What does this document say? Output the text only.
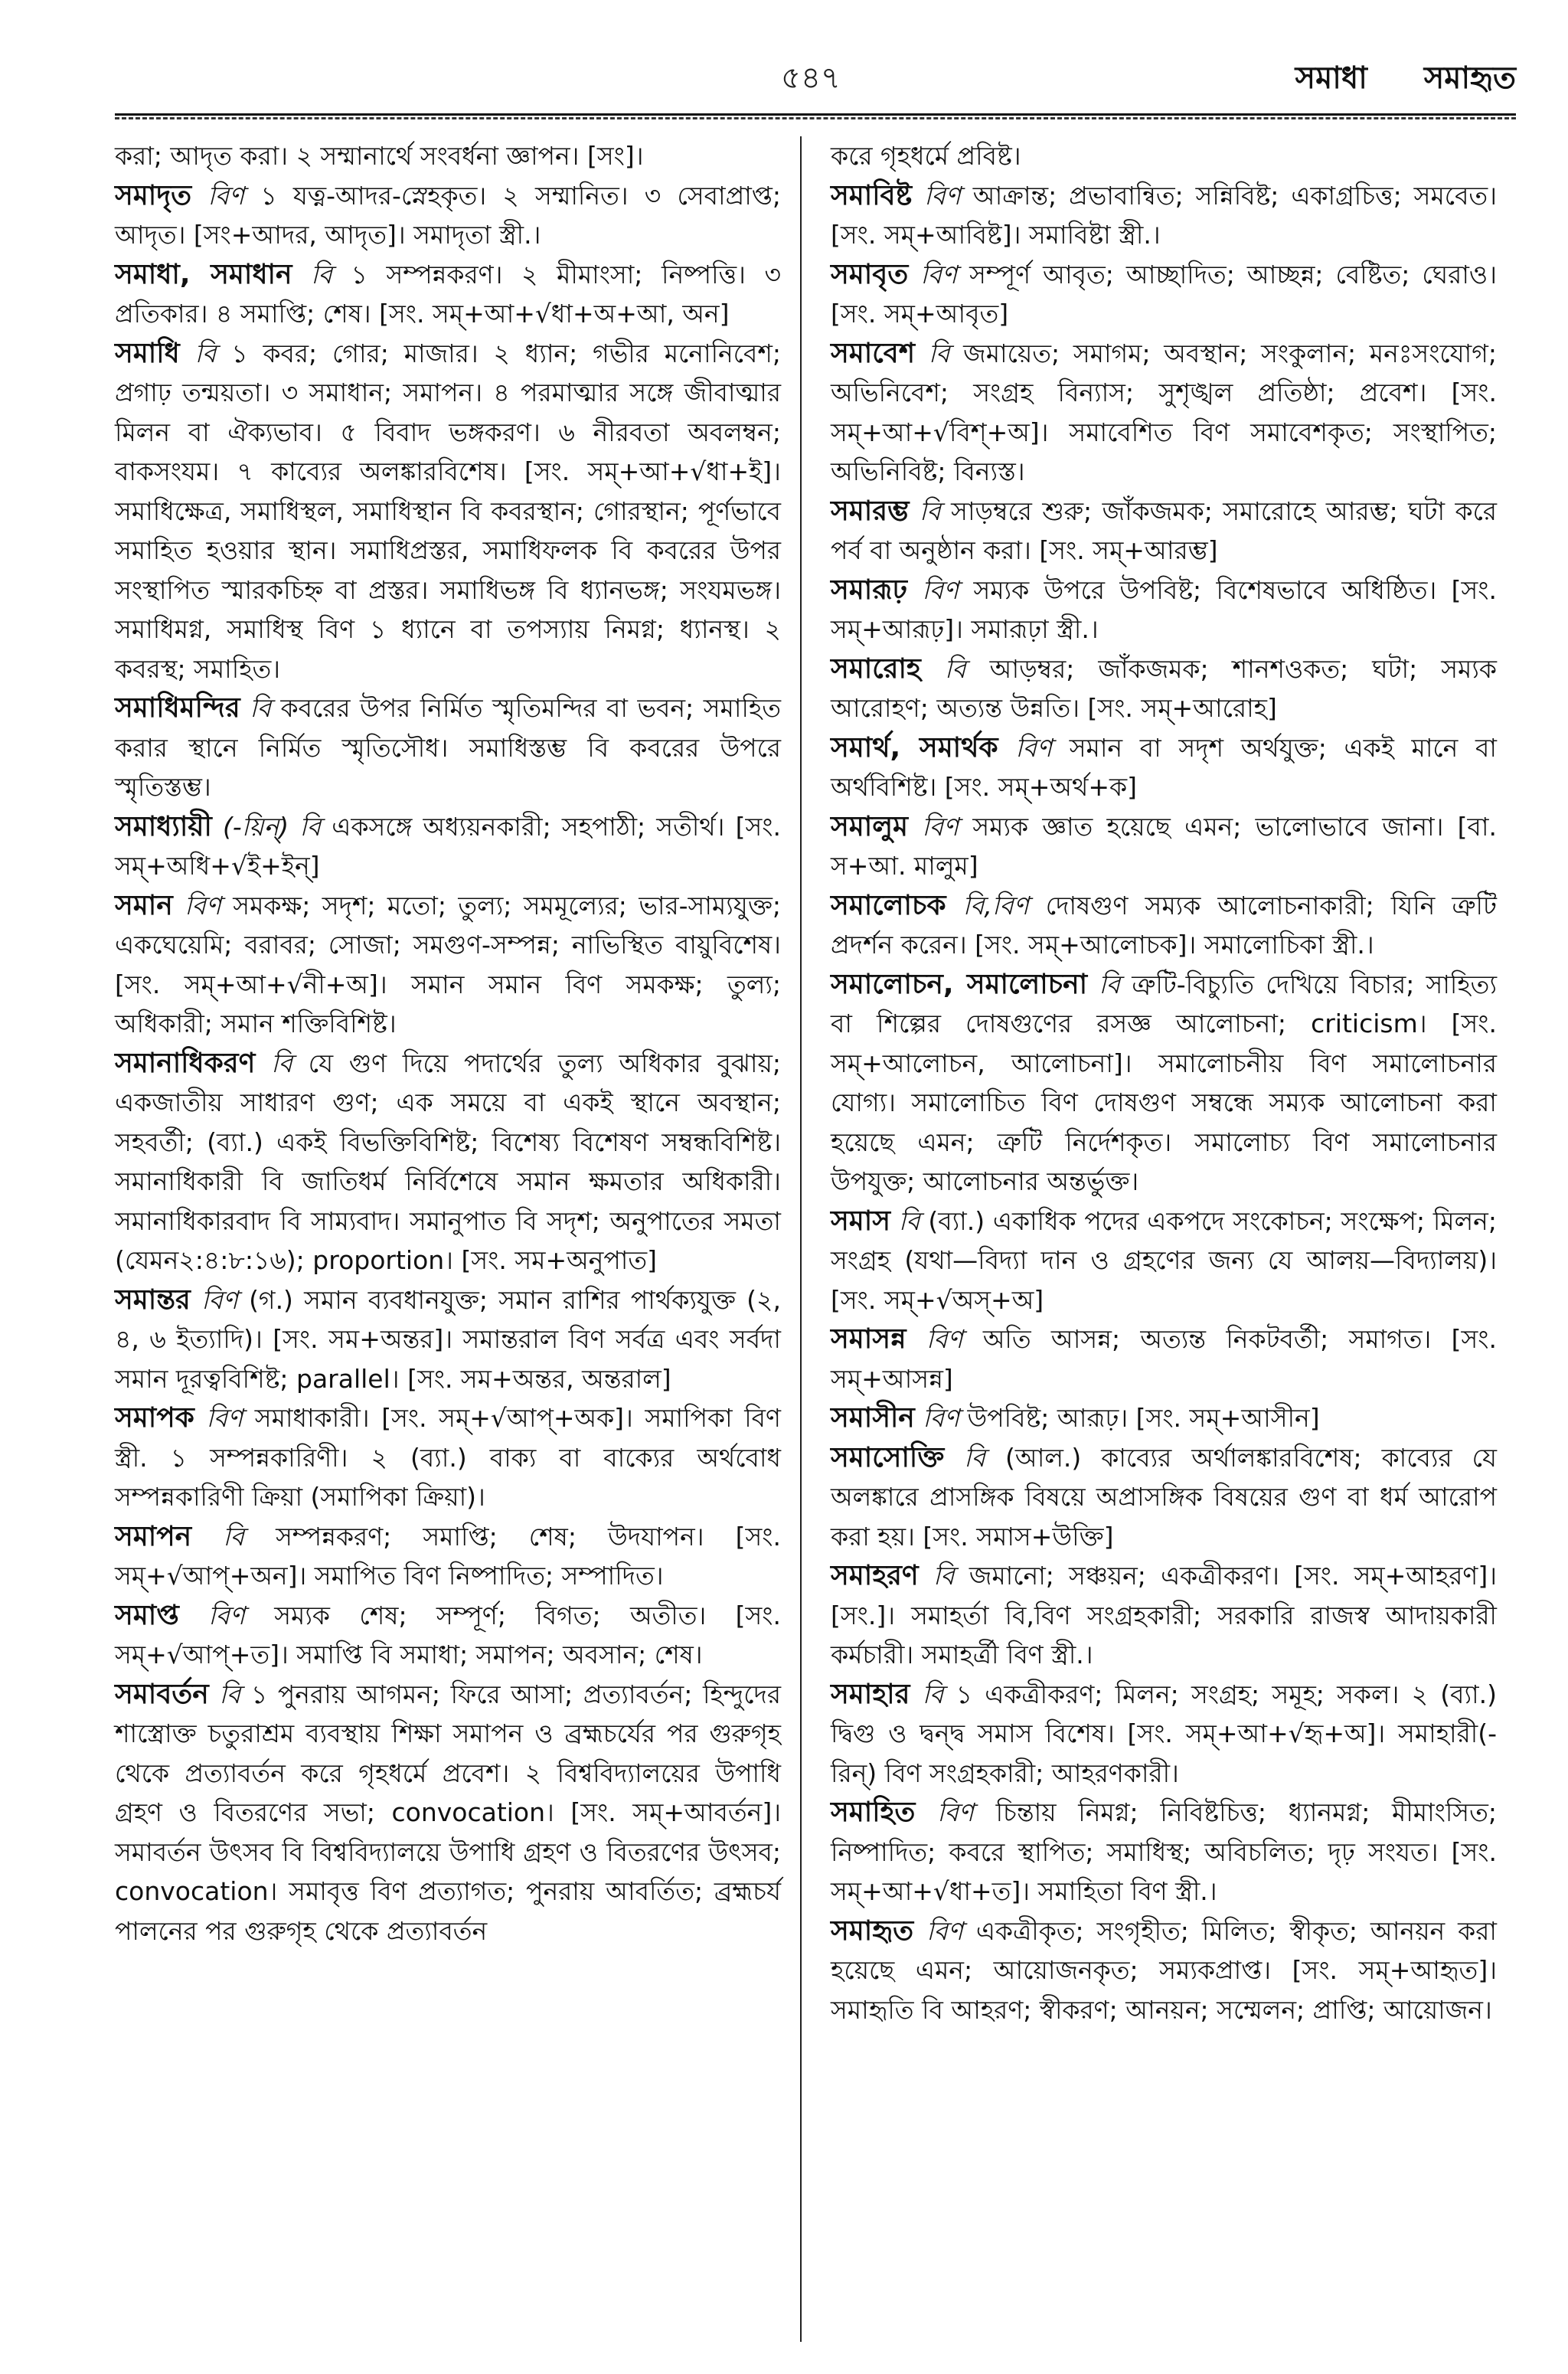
৫৪৭	সমাধা সমাহৃত

করা; আদৃত করা। ২ সম্মানার্থে সংবর্ধনা জ্ঞাপন। [সং]।

সমাদৃত বিণ ১ যত্ন-আদর-স্নেহকৃত। ২ সম্মানিত। ৩ সেবাপ্রাপ্ত; আদৃত। [সং+আদর, আদৃত]। সমাদৃতা স্ত্রী.।

সমাধা, সমাধান বি ১ সম্পন্নকরণ। ২ মীমাংসা; নিষ্পত্তি। ৩ প্রতিকার। ৪ সমাপ্তি; শেষ। [সং. সম্+আ+√ধা+অ+আ, অন]

সমাধি বি ১ কবর; গোর; মাজার। ২ ধ্যান; গভীর মনোনিবেশ; প্রগাঢ় তন্ময়তা। ৩ সমাধান; সমাপন। ৪ পরমাত্মার সঙ্গে জীবাত্মার মিলন বা ঐক্যভাব। ৫ বিবাদ ভঙ্গকরণ। ৬ নীরবতা অবলম্বন; বাকসংযম। ৭ কাব্যের অলঙ্কারবিশেষ। [সং. সম্+আ+√ধা+ই]। সমাধিক্ষেত্র, সমাধিস্থল, সমাধিস্থান বি কবরস্থান; গোরস্থান; পূর্ণভাবে সমাহিত হওয়ার স্থান। সমাধিপ্রস্তর, সমাধিফলক বি কবরের উপর সংস্থাপিত স্মারকচিহ্ন বা প্রস্তর। সমাধিভঙ্গ বি ধ্যানভঙ্গ; সংযমভঙ্গ। সমাধিমগ্ন, সমাধিস্থ বিণ ১ ধ্যানে বা তপস্যায় নিমগ্ন; ধ্যানস্থ। ২ কবরস্থ; সমাহিত।

সমাধিমন্দির বি কবরের উপর নির্মিত স্মৃতিমন্দির বা ভবন; সমাহিত করার স্থানে নির্মিত স্মৃতিসৌধ। সমাধিস্তম্ভ বি কবরের উপরে স্মৃতিস্তম্ভ।

সমাধ্যায়ী (-য়িন্) বি একসঙ্গে অধ্যয়নকারী; সহপাঠী; সতীর্থ। [সং. সম্+অধি+√ই+ইন্]

সমান বিণ সমকক্ষ; সদৃশ; মতো; তুল্য; সমমূল্যের; ভার-সাম্যযুক্ত; একঘেয়েমি; বরাবর; সোজা; সমগুণ-সম্পন্ন; নাভিস্থিত বায়ুবিশেষ। [সং. সম্+আ+√নী+অ]। সমান সমান বিণ সমকক্ষ; তুল্য; অধিকারী; সমান শক্তিবিশিষ্ট।

সমানাধিকরণ বি যে গুণ দিয়ে পদার্থের তুল্য অধিকার বুঝায়; একজাতীয় সাধারণ গুণ; এক সময়ে বা একই স্থানে অবস্থান; সহবর্তী; (ব্যা.) একই বিভক্তিবিশিষ্ট; বিশেষ্য বিশেষণ সম্বন্ধবিশিষ্ট। সমানাধিকারী বি জাতিধর্ম নির্বিশেষে সমান ক্ষমতার অধিকারী। সমানাধিকারবাদ বি সাম্যবাদ। সমানুপাত বি সদৃশ; অনুপাতের সমতা (যেমন২:৪:৮:১৬); proportion। [সং. সম+অনুপাত]

সমান্তর বিণ (গ.) সমান ব্যবধানযুক্ত; সমান রাশির পার্থক্যযুক্ত (২, ৪, ৬ ইত্যাদি)। [সং. সম+অন্তর]। সমান্তরাল বিণ সর্বত্র এবং সর্বদা সমান দূরত্ববিশিষ্ট; parallel। [সং. সম+অন্তর, অন্তরাল]

সমাপক বিণ সমাধাকারী। [সং. সম্+√আপ্+অক]। সমাপিকা বিণ স্ত্রী. ১ সম্পন্নকারিণী। ২ (ব্যা.) বাক্য বা বাক্যের অর্থবোধ সম্পন্নকারিণী ক্রিয়া (সমাপিকা ক্রিয়া)।

সমাপন বি সম্পন্নকরণ; সমাপ্তি; শেষ; উদযাপন। [সং. সম্+√আপ্+অন]। সমাপিত বিণ নিষ্পাদিত; সম্পাদিত।

সমাপ্ত বিণ সম্যক শেষ; সম্পূর্ণ; বিগত; অতীত। [সং. সম্+√আপ্+ত]। সমাপ্তি বি সমাধা; সমাপন; অবসান; শেষ।

সমাবর্তন বি ১ পুনরায় আগমন; ফিরে আসা; প্রত্যাবর্তন; হিন্দুদের শাস্ত্রোক্ত চতুরাশ্রম ব্যবস্থায় শিক্ষা সমাপন ও ব্রহ্মচর্যের পর গুরুগৃহ থেকে প্রত্যাবর্তন করে গৃহধর্মে প্রবেশ। ২ বিশ্ববিদ্যালয়ের উপাধি গ্রহণ ও বিতরণের সভা; convocation। [সং. সম্+আবর্তন]। সমাবর্তন উৎসব বি বিশ্ববিদ্যালয়ে উপাধি গ্রহণ ও বিতরণের উৎসব; convocation। সমাবৃত্ত বিণ প্রত্যাগত; পুনরায় আবর্তিত; ব্রহ্মচর্য পালনের পর গুরুগৃহ থেকে প্রত্যাবর্তন

করে গৃহধর্মে প্রবিষ্ট।

সমাবিষ্ট বিণ আক্রান্ত; প্রভাবান্বিত; সন্নিবিষ্ট; একাগ্রচিত্ত; সমবেত। [সং. সম্+আবিষ্ট]। সমাবিষ্টা স্ত্রী.।

সমাবৃত বিণ সম্পূর্ণ আবৃত; আচ্ছাদিত; আচ্ছন্ন; বেষ্টিত; ঘেরাও। [সং. সম্+আবৃত]

সমাবেশ বি জমায়েত; সমাগম; অবস্থান; সংকুলান; মনঃসংযোগ; অভিনিবেশ; সংগ্রহ বিন্যাস; সুশৃঙ্খল প্রতিষ্ঠা; প্রবেশ। [সং. সম্+আ+√বিশ্+অ]। সমাবেশিত বিণ সমাবেশকৃত; সংস্থাপিত; অভিনিবিষ্ট; বিন্যস্ত।

সমারম্ভ বি সাড়ম্বরে শুরু; জাঁকজমক; সমারোহে আরম্ভ; ঘটা করে পর্ব বা অনুষ্ঠান করা। [সং. সম্+আরম্ভ]

সমারূঢ় বিণ সম্যক উপরে উপবিষ্ট; বিশেষভাবে অধিষ্ঠিত। [সং. সম্+আরূঢ়]। সমারূঢ়া স্ত্রী.।

সমারোহ বি আড়ম্বর; জাঁকজমক; শানশওকত; ঘটা; সম্যক আরোহণ; অত্যন্ত উন্নতি। [সং. সম্+আরোহ]

সমার্থ, সমার্থক বিণ সমান বা সদৃশ অর্থযুক্ত; একই মানে বা অর্থবিশিষ্ট। [সং. সম্+অর্থ+ক]

সমালুম বিণ সম্যক জ্ঞাত হয়েছে এমন; ভালোভাবে জানা। [বা. স+আ. মালুম]

সমালোচক বি,বিণ দোষগুণ সম্যক আলোচনাকারী; যিনি ত্রুটি প্রদর্শন করেন। [সং. সম্+আলোচক]। সমালোচিকা স্ত্রী.।

সমালোচন, সমালোচনা বি ত্রুটি-বিচ্যুতি দেখিয়ে বিচার; সাহিত্য বা শিল্পের দোষগুণের রসজ্ঞ আলোচনা; criticism। [সং. সম্+আলোচন, আলোচনা]। সমালোচনীয় বিণ সমালোচনার যোগ্য। সমালোচিত বিণ দোষগুণ সম্বন্ধে সম্যক আলোচনা করা হয়েছে এমন; ত্রুটি নির্দেশকৃত। সমালোচ্য বিণ সমালোচনার উপযুক্ত; আলোচনার অন্তর্ভুক্ত।

সমাস বি (ব্যা.) একাধিক পদের একপদে সংকোচন; সংক্ষেপ; মিলন; সংগ্রহ (যথা—বিদ্যা দান ও গ্রহণের জন্য যে আলয়—বিদ্যালয়)। [সং. সম্+√অস্+অ]

সমাসন্ন বিণ অতি আসন্ন; অত্যন্ত নিকটবর্তী; সমাগত। [সং. সম্+আসন্ন]

সমাসীন বিণ উপবিষ্ট; আরূঢ়। [সং. সম্+আসীন]

সমাসোক্তি বি (আল.) কাব্যের অর্থালঙ্কারবিশেষ; কাব্যের যে অলঙ্কারে প্রাসঙ্গিক বিষয়ে অপ্রাসঙ্গিক বিষয়ের গুণ বা ধর্ম আরোপ করা হয়। [সং. সমাস+উক্তি]

সমাহরণ বি জমানো; সঞ্চয়ন; একত্রীকরণ। [সং. সম্+আহরণ]। [সং.]। সমাহর্তা বি,বিণ সংগ্রহকারী; সরকারি রাজস্ব আদায়কারী কর্মচারী। সমাহর্ত্রী বিণ স্ত্রী.।

সমাহার বি ১ একত্রীকরণ; মিলন; সংগ্রহ; সমূহ; সকল। ২ (ব্যা.) দ্বিগু ও দ্বন্দ্ব সমাস বিশেষ। [সং. সম্+আ+√হৃ+অ]। সমাহারী(-রিন্) বিণ সংগ্রহকারী; আহরণকারী।

সমাহিত বিণ চিন্তায় নিমগ্ন; নিবিষ্টচিত্ত; ধ্যানমগ্ন; মীমাংসিত; নিষ্পাদিত; কবরে স্থাপিত; সমাধিস্থ; অবিচলিত; দৃঢ় সংযত। [সং. সম্+আ+√ধা+ত]। সমাহিতা বিণ স্ত্রী.।

সমাহৃত বিণ একত্রীকৃত; সংগৃহীত; মিলিত; স্বীকৃত; আনয়ন করা হয়েছে এমন; আয়োজনকৃত; সম্যকপ্রাপ্ত। [সং. সম্+আহৃত]। সমাহৃতি বি আহরণ; স্বীকরণ; আনয়ন; সম্মেলন; প্রাপ্তি; আয়োজন।
